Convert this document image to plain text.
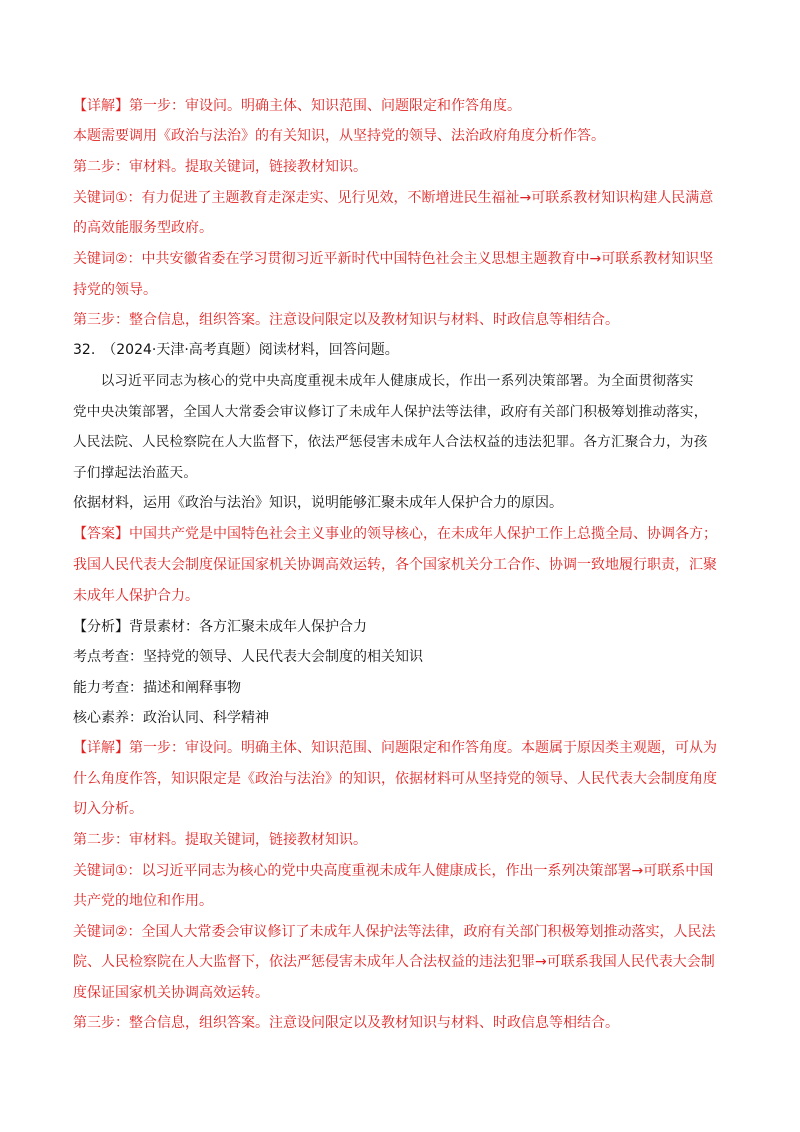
【详解】第一步：审设问。明确主体、知识范围、问题限定和作答角度。
本题需要调用《政治与法治》的有关知识，从坚持党的领导、法治政府角度分析作答。
第二步：审材料。提取关键词，链接教材知识。
关键词①：有力促进了主题教育走深走实、见行见效，不断增进民生福祉→可联系教材知识构建人民满意
的高效能服务型政府。
关键词②：中共安徽省委在学习贯彻习近平新时代中国特色社会主义思想主题教育中→可联系教材知识坚
持党的领导。
第三步：整合信息，组织答案。注意设问限定以及教材知识与材料、时政信息等相结合。
32.　（2024·天津·高考真题）阅读材料，回答问题。
　　以习近平同志为核心的党中央高度重视未成年人健康成长，作出一系列决策部署。为全面贯彻落实
党中央决策部署，全国人大常委会审议修订了未成年人保护法等法律，政府有关部门积极筹划推动落实，
人民法院、人民检察院在人大监督下，依法严惩侵害未成年人合法权益的违法犯罪。各方汇聚合力，为孩
子们撑起法治蓝天。
依据材料，运用《政治与法治》知识，说明能够汇聚未成年人保护合力的原因。
【答案】中国共产党是中国特色社会主义事业的领导核心，在未成年人保护工作上总揽全局、协调各方；
我国人民代表大会制度保证国家机关协调高效运转，各个国家机关分工合作、协调一致地履行职责，汇聚
未成年人保护合力。
【分析】背景素材：各方汇聚未成年人保护合力
考点考查：坚持党的领导、人民代表大会制度的相关知识
能力考查：描述和阐释事物
核心素养：政治认同、科学精神
【详解】第一步：审设问。明确主体、知识范围、问题限定和作答角度。本题属于原因类主观题，可从为
什么角度作答，知识限定是《政治与法治》的知识，依据材料可从坚持党的领导、人民代表大会制度角度
切入分析。
第二步：审材料。提取关键词，链接教材知识。
关键词①：以习近平同志为核心的党中央高度重视未成年人健康成长，作出一系列决策部署→可联系中国
共产党的地位和作用。
关键词②：全国人大常委会审议修订了未成年人保护法等法律，政府有关部门积极筹划推动落实，人民法
院、人民检察院在人大监督下，依法严惩侵害未成年人合法权益的违法犯罪→可联系我国人民代表大会制
度保证国家机关协调高效运转。
第三步：整合信息，组织答案。注意设问限定以及教材知识与材料、时政信息等相结合。
